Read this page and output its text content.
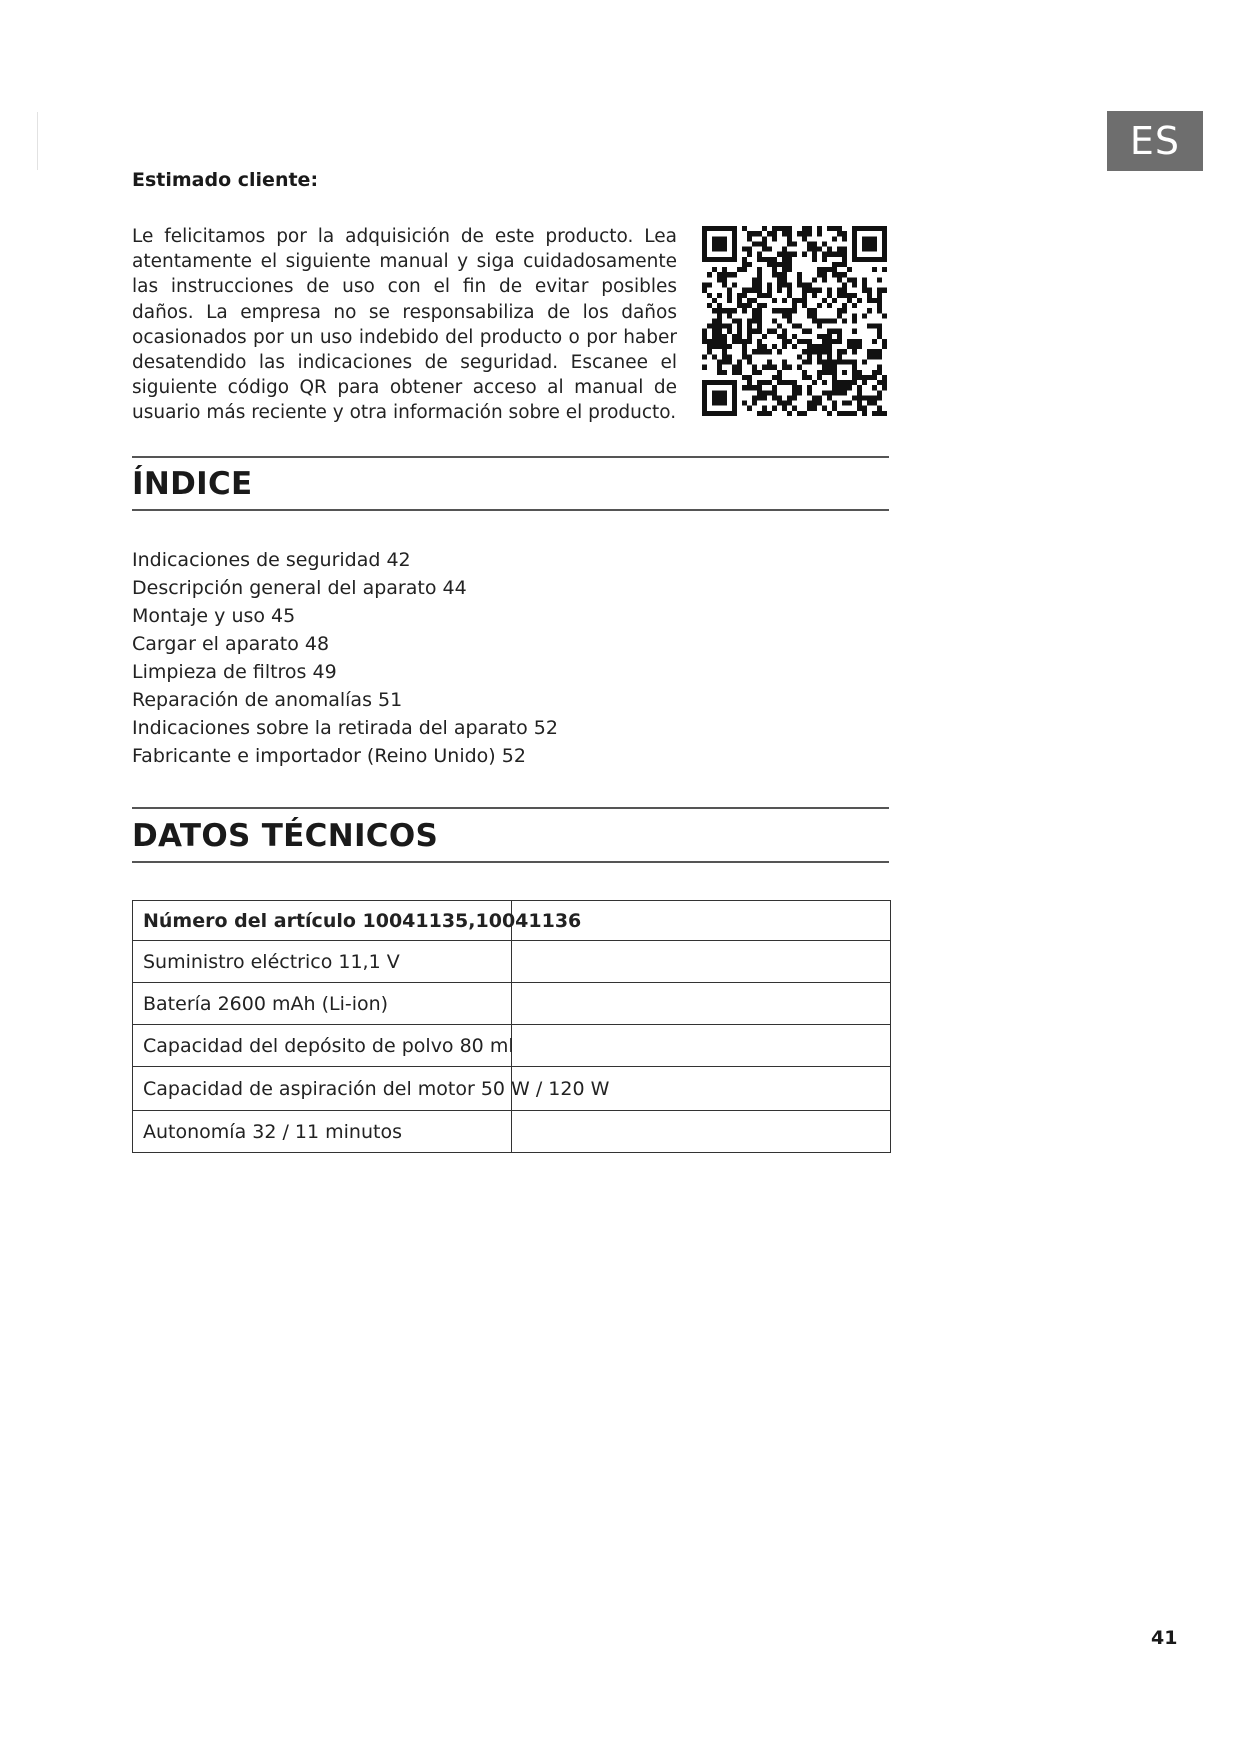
ES

Estimado cliente:

Le felicitamos por la adquisición de este producto. Lea atentamente el siguiente manual y siga cuidadosamente las instrucciones de uso con el fin de evitar posibles daños. La empresa no se responsabiliza de los daños ocasionados por un uso indebido del producto o por haber desatendido las indicaciones de seguridad. Escanee el siguiente código QR para obtener acceso al manual de usuario más reciente y otra información sobre el producto.

ÍNDICE
Indicaciones de seguridad 42
Descripción general del aparato 44
Montaje y uso 45
Cargar el aparato 48
Limpieza de filtros 49
Reparación de anomalías 51
Indicaciones sobre la retirada del aparato 52
Fabricante e importador (Reino Unido) 52
DATOS TÉCNICOS
Número del artículo 10041135,10041136	
Suministro eléctrico 11,1 V	
Batería 2600 mAh (Li-ion)	
Capacidad del depósito de polvo 80 ml	
Capacidad de aspiración del motor 50 W / 120 W	
Autonomía 32 / 11 minutos	

41
